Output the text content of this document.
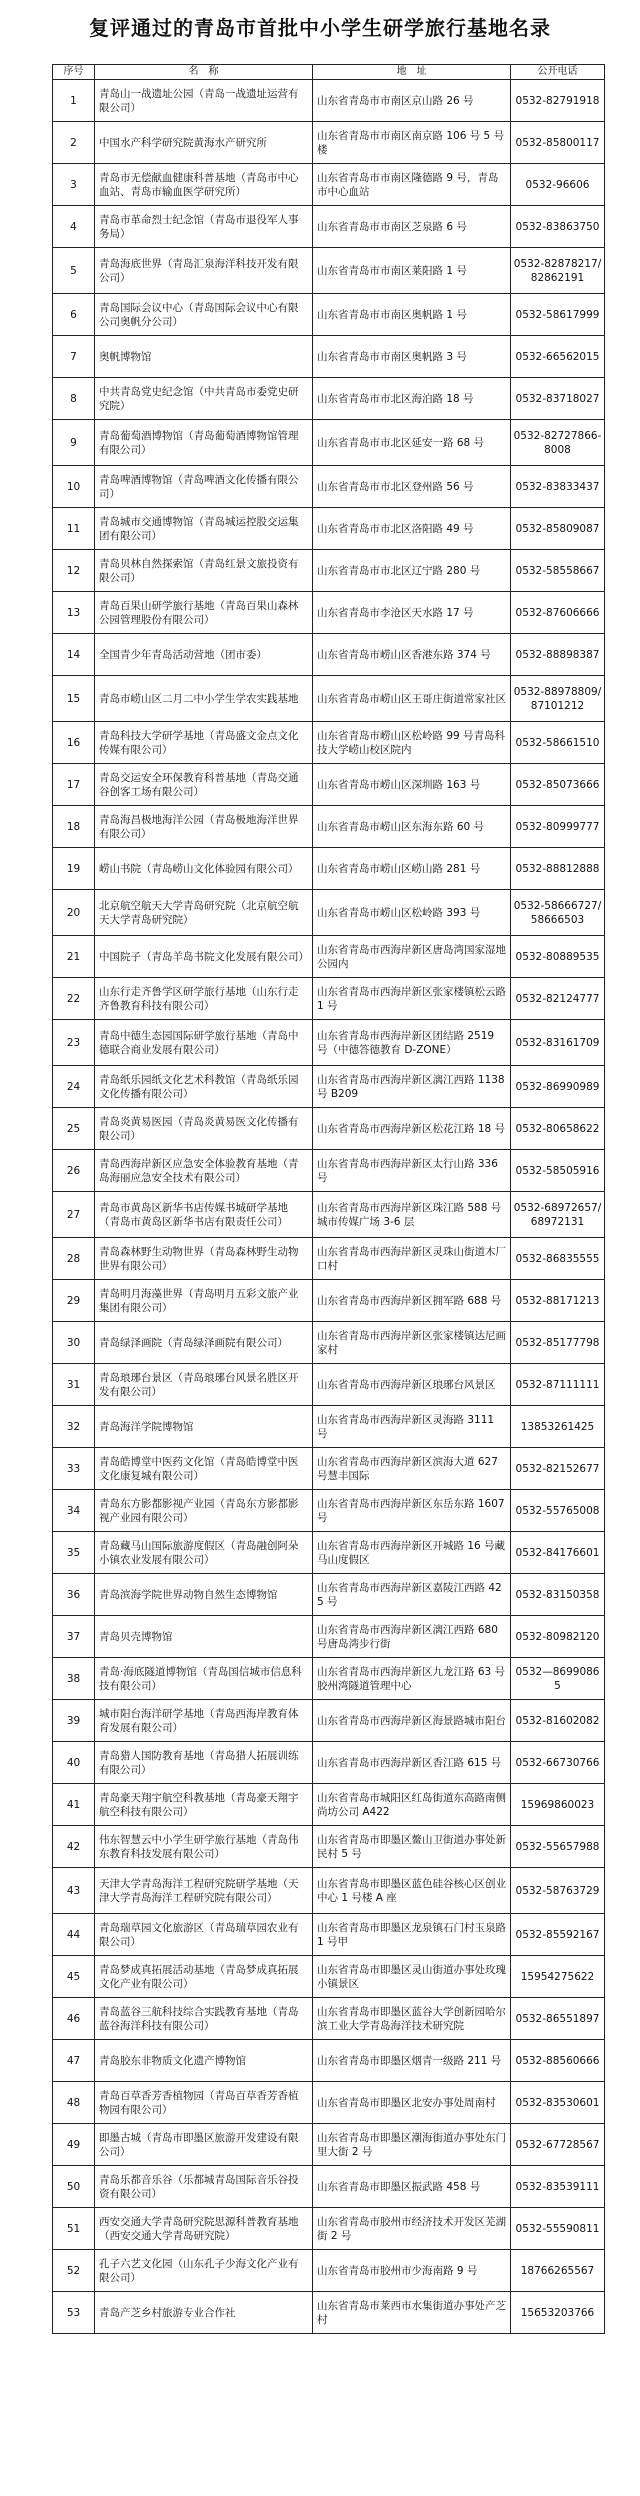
复评通过的青岛市首批中小学生研学旅行基地名录
序号	名　称	地　址	公开电话
1	青岛山一战遗址公园（青岛一战遗址运营有限公司）	山东省青岛市市南区京山路 26 号	0532-82791918
2	中国水产科学研究院黄海水产研究所	山东省青岛市市南区南京路 106 号 5 号楼	0532-85800117
3	青岛市无偿献血健康科普基地（青岛市中心血站、青岛市输血医学研究所）	山东省青岛市市南区隆德路 9 号，青岛市中心血站	0532-96606
4	青岛市革命烈士纪念馆（青岛市退役军人事务局）	山东省青岛市市南区芝泉路 6 号	0532-83863750
5	青岛海底世界（青岛汇泉海洋科技开发有限公司）	山东省青岛市市南区莱阳路 1 号	0532-82878217/82862191
6	青岛国际会议中心（青岛国际会议中心有限公司奥帆分公司）	山东省青岛市市南区奥帆路 1 号	0532-58617999
7	奥帆博物馆	山东省青岛市市南区奥帆路 3 号	0532-66562015
8	中共青岛党史纪念馆（中共青岛市委党史研究院）	山东省青岛市市北区海泊路 18 号	0532-83718027
9	青岛葡萄酒博物馆（青岛葡萄酒博物馆管理有限公司）	山东省青岛市市北区延安一路 68 号	0532-82727866-8008
10	青岛啤酒博物馆（青岛啤酒文化传播有限公司）	山东省青岛市市北区登州路 56 号	0532-83833437
11	青岛城市交通博物馆（青岛城运控股交运集团有限公司）	山东省青岛市市北区洛阳路 49 号	0532-85809087
12	青岛贝林自然探索馆（青岛红景文旅投资有限公司）	山东省青岛市市北区辽宁路 280 号	0532-58558667
13	青岛百果山研学旅行基地（青岛百果山森林公园管理股份有限公司）	山东省青岛市李沧区天水路 17 号	0532-87606666
14	全国青少年青岛活动营地（团市委）	山东省青岛市崂山区香港东路 374 号	0532-88898387
15	青岛市崂山区二月二中小学生学农实践基地	山东省青岛市崂山区王哥庄街道常家社区	0532-88978809/87101212
16	青岛科技大学研学基地（青岛盛文金点文化传媒有限公司）	山东省青岛市崂山区松岭路 99 号青岛科技大学崂山校区院内	0532-58661510
17	青岛交运安全环保教育科普基地（青岛交通谷创客工场有限公司）	山东省青岛市崂山区深圳路 163 号	0532-85073666
18	青岛海昌极地海洋公园（青岛极地海洋世界有限公司）	山东省青岛市崂山区东海东路 60 号	0532-80999777
19	崂山书院（青岛崂山文化体验园有限公司）	山东省青岛市崂山区崂山路 281 号	0532-88812888
20	北京航空航天大学青岛研究院（北京航空航天大学青岛研究院）	山东省青岛市崂山区松岭路 393 号	0532-58666727/58666503
21	中国院子（青岛羊岛书院文化发展有限公司）	山东省青岛市西海岸新区唐岛湾国家湿地公园内	0532-80889535
22	山东行走齐鲁学区研学旅行基地（山东行走齐鲁教育科技有限公司）	山东省青岛市西海岸新区张家楼镇松云路 1 号	0532-82124777
23	青岛中德生态园国际研学旅行基地（青岛中德联合商业发展有限公司）	山东省青岛市西海岸新区团结路 2519 号（中德答德教育 D-ZONE）	0532-83161709
24	青岛纸乐园纸文化艺术科教馆（青岛纸乐园文化传播有限公司）	山东省青岛市西海岸新区漓江西路 1138 号 B209	0532-86990989
25	青岛炎黄易医园（青岛炎黄易医文化传播有限公司）	山东省青岛市西海岸新区松花江路 18 号	0532-80658622
26	青岛西海岸新区应急安全体验教育基地（青岛海丽应急安全技术有限公司）	山东省青岛市西海岸新区太行山路 336 号	0532-58505916
27	青岛市黄岛区新华书店传媒书城研学基地（青岛市黄岛区新华书店有限责任公司）	山东省青岛市西海岸新区珠江路 588 号城市传媒广场 3-6 层	0532-68972657/68972131
28	青岛森林野生动物世界（青岛森林野生动物世界有限公司）	山东省青岛市西海岸新区灵珠山街道木厂口村	0532-86835555
29	青岛明月海藻世界（青岛明月五彩文旅产业集团有限公司）	山东省青岛市西海岸新区拥军路 688 号	0532-88171213
30	青岛绿泽画院（青岛绿泽画院有限公司）	山东省青岛市西海岸新区张家楼镇达尼画家村	0532-85177798
31	青岛琅琊台景区（青岛琅琊台风景名胜区开发有限公司）	山东省青岛市西海岸新区琅琊台风景区	0532-87111111
32	青岛海洋学院博物馆	山东省青岛市西海岸新区灵海路 3111 号	13853261425
33	青岛皓博堂中医药文化馆（青岛皓博堂中医文化康复城有限公司）	山东省青岛市西海岸新区滨海大道 627 号慧丰国际	0532-82152677
34	青岛东方影都影视产业园（青岛东方影都影视产业园有限公司）	山东省青岛市西海岸新区东岳东路 1607 号	0532-55765008
35	青岛藏马山国际旅游度假区（青岛融创阿朵小镇农业发展有限公司）	山东省青岛市西海岸新区开城路 16 号藏马山度假区	0532-84176601
36	青岛滨海学院世界动物自然生态博物馆	山东省青岛市西海岸新区嘉陵江西路 425 号	0532-83150358
37	青岛贝壳博物馆	山东省青岛市西海岸新区漓江西路 680 号唐岛湾步行街	0532-80982120
38	青岛·海底隧道博物馆（青岛国信城市信息科技有限公司）	山东省青岛市西海岸新区九龙江路 63 号胶州湾隧道管理中心	0532—86990865
39	城市阳台海洋研学基地（青岛西海岸教育体育发展有限公司）	山东省青岛市西海岸新区海景路城市阳台	0532-81602082
40	青岛猎人国防教育基地（青岛猎人拓展训练有限公司）	山东省青岛市西海岸新区香江路 615 号	0532-66730766
41	青岛豪天翔宇航空科教基地（青岛豪天翔宇航空科技有限公司）	山东省青岛市城阳区红岛街道东高路南侧尚坊公司 A422	15969860023
42	伟东智慧云中小学生研学旅行基地（青岛伟东教育科技发展有限公司）	山东省青岛市即墨区鳌山卫街道办事处新民村 5 号	0532-55657988
43	天津大学青岛海洋工程研究院研学基地（天津大学青岛海洋工程研究院有限公司）	山东省青岛市即墨区蓝色硅谷核心区创业中心 1 号楼 A 座	0532-58763729
44	青岛瑞草园文化旅游区（青岛瑞草园农业有限公司）	山东省青岛市即墨区龙泉镇石门村玉泉路 1 号甲	0532-85592167
45	青岛梦成真拓展活动基地（青岛梦成真拓展文化产业有限公司）	山东省青岛市即墨区灵山街道办事处玫瑰小镇景区	15954275622
46	青岛蓝谷三航科技综合实践教育基地（青岛蓝谷海洋科技有限公司）	山东省青岛市即墨区蓝谷大学创新园哈尔滨工业大学青岛海洋技术研究院	0532-86551897
47	青岛胶东非物质文化遗产博物馆	山东省青岛市即墨区烟青一级路 211 号	0532-88560666
48	青岛百草香芳香植物园（青岛百草香芳香植物园有限公司）	山东省青岛市即墨区北安办事处周南村	0532-83530601
49	即墨古城（青岛市即墨区旅游开发建设有限公司）	山东省青岛市即墨区潮海街道办事处东门里大街 2 号	0532-67728567
50	青岛乐都音乐谷（乐都城青岛国际音乐谷投资有限公司）	山东省青岛市即墨区振武路 458 号	0532-83539111
51	西安交通大学青岛研究院思源科普教育基地（西安交通大学青岛研究院）	山东省青岛市胶州市经济技术开发区芜湖街 2 号	0532-55590811
52	孔子六艺文化园（山东孔子少海文化产业有限公司）	山东省青岛市胶州市少海南路 9 号	18766265567
53	青岛产芝乡村旅游专业合作社	山东省青岛市莱西市水集街道办事处产芝村	15653203766
